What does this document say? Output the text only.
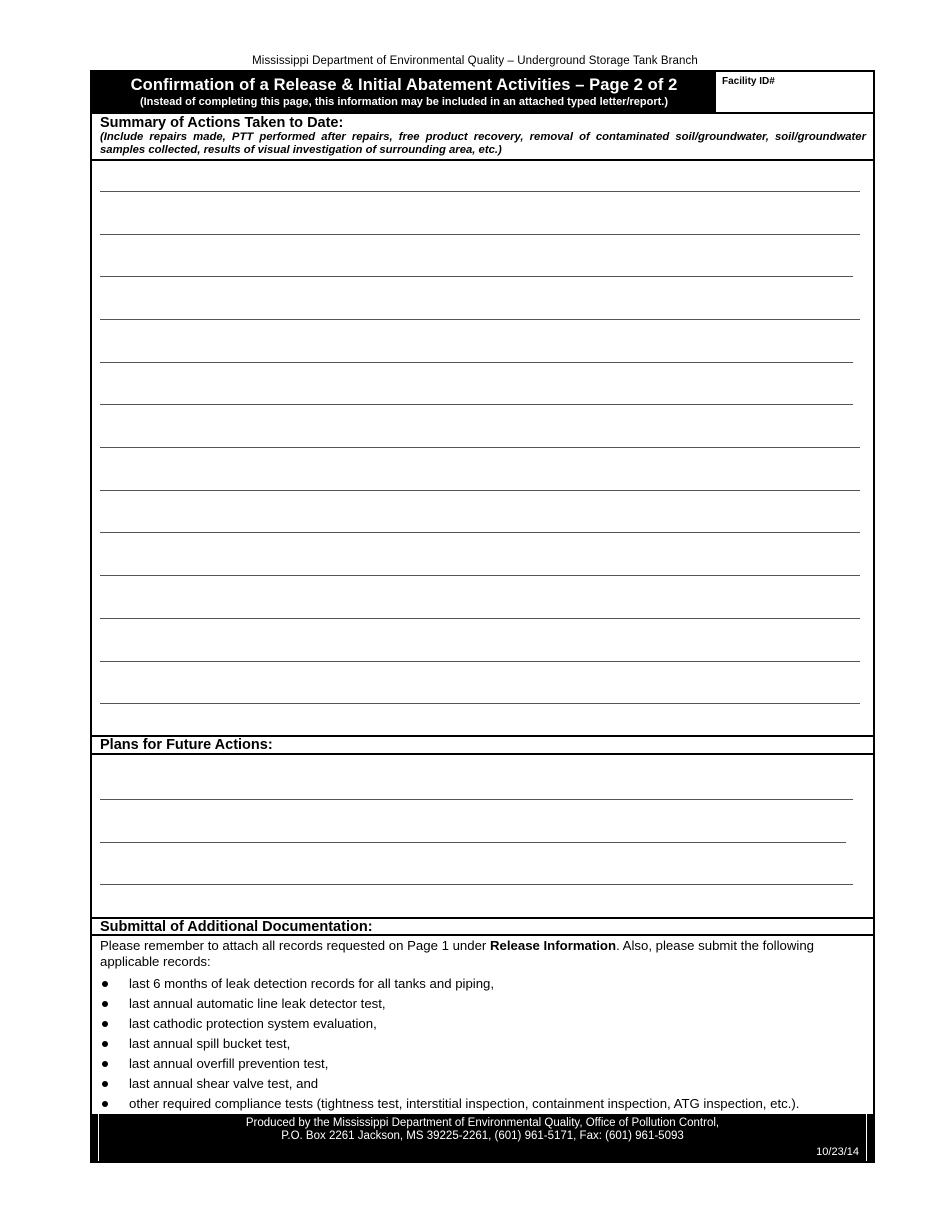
Mississippi Department of Environmental Quality – Underground Storage Tank Branch
Confirmation of a Release & Initial Abatement Activities – Page 2 of 2
(Instead of completing this page, this information may be included in an attached typed letter/report.)
Facility ID#
Summary of Actions Taken to Date:
(Include repairs made, PTT performed after repairs, free product recovery, removal of contaminated soil/groundwater, soil/groundwater samples collected, results of visual investigation of surrounding area, etc.)
Plans for Future Actions:
Submittal of Additional Documentation:
Please remember to attach all records requested on Page 1 under Release Information. Also, please submit the following applicable records:
last 6 months of leak detection records for all tanks and piping,
last annual automatic line leak detector test,
last cathodic protection system evaluation,
last annual spill bucket test,
last annual overfill prevention test,
last annual shear valve test, and
other required compliance tests (tightness test, interstitial inspection, containment inspection, ATG inspection, etc.).
Produced by the Mississippi Department of Environmental Quality, Office of Pollution Control,
P.O. Box 2261 Jackson, MS 39225-2261, (601) 961-5171, Fax: (601) 961-5093
10/23/14
